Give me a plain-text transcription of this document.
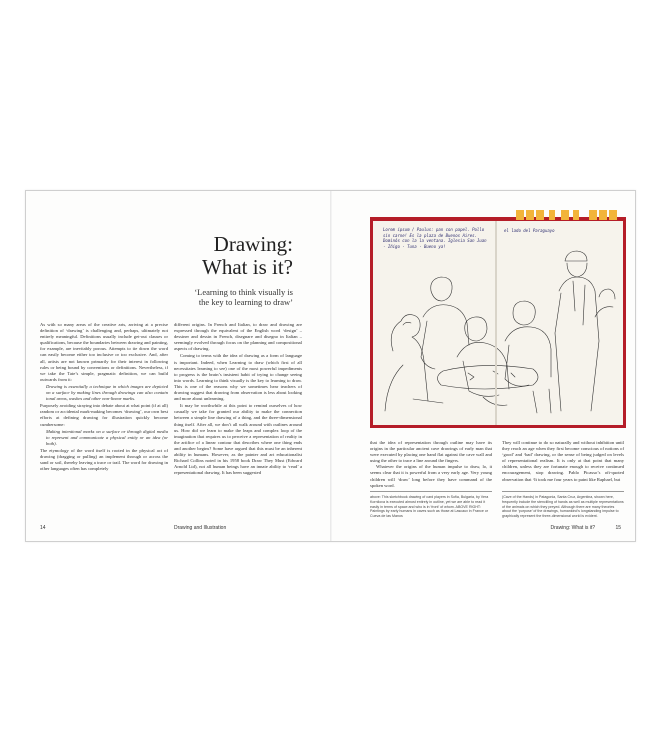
Drawing:
What is it?
‘Learning to think visually is
the key to learning to draw’

As with so many areas of the creative arts, arriving at a precise definition of ‘drawing’ is challenging and, perhaps, ultimately not entirely meaningful. Definitions usually include get-out clauses or qualifications, because the boundaries between drawing and painting, for example, are inevitably porous. Attempts to tie down the word can easily become either too inclusive or too exclusive. And, after all, artists are not known primarily for their interest in following rules or being bound by conventions or definitions. Nevertheless, if we take the Tate’s simple, pragmatic definition, we can build outwards from it:

Drawing is essentially a technique in which images are depicted on a surface by making lines through drawings can also contain tonal areas, washes and other non-linear marks.

Purposely avoiding straying into debate about at what point (if at all) random or accidental mark-making becomes ‘drawing’, our own best efforts at defining drawing for illustration quickly become cumbersome:

Making intentional marks on a surface or through digital media to represent and communicate a physical entity or an idea (or both).

The etymology of the word itself is rooted in the physical act of drawing (dragging or pulling) an implement through or across the sand or soil, thereby leaving a trace or trail. The word for drawing in other languages often has completely

different origins. In French and Italian, to draw and drawing are expressed through the equivalent of the English word ‘design’ – dessiner and dessin in French, disegnare and disegno in Italian – seemingly evolved through focus on the planning and compositional aspects of drawing.

Coming to terms with the idea of drawing as a form of language is important. Indeed, when Learning to draw (which first of all necessitates learning to see) one of the most powerful impediments to progress is the brain’s insistent habit of trying to change seeing into words. Learning to think visually is the key to learning to draw. This is one of the reasons why we sometimes hear teachers of drawing suggest that drawing from observation is less about looking and more about unlearning.

It may be worthwhile at this point to remind ourselves of how casually we take for granted our ability to make the connection between a simple line drawing of a thing, and the three-dimensional thing itself. After all, we don’t all walk around with outlines around us. How did we learn to make the leaps and complex loop of the imagination that requires us to perceive a representation of reality in the artifice of a linear contour that describes where one thing ends and another begins? Some have argued that this must be an inherent ability in humans. However, as the painter and art educationalist Richard Collins noted in his 1958 book Draw They Must (Edward Arnold Ltd), not all human beings have an innate ability to ‘read’ a representational drawing. It has been suggested

14	Drawing and Illustration
Lorem ipsum / Paulus: pan con papel. Pollo sin carne! Es la plaza de Buenos Aires. Dominós con la la ventana. Iglesia San Juan · Iñigo · Tuna · Bueno ya!
el lado del Paraguayo

that the idea of representation through outline may have its origins in the particular ancient cave drawings of early man that were executed by placing one hand flat against the cave wall and using the other to trace a line around the fingers.

Whatever the origins of the human impulse to draw, lo, it seems clear that it is powerful from a very early age. Very young children will ‘draw’ long before they have command of the spoken word.

They will continue to do so naturally and without inhibition until they reach an age when they first become conscious of notions of ‘good’ and ‘bad’ drawing, or the sense of being judged on levels of representational realism. It is only at that point that many children, unless they are fortunate enough to receive continued encouragement, stop drawing. Pablo Picasso’s oft-quoted observation that ‘It took me four years to paint like Raphael, but

above: This sketchbook drawing of card players in Sofia, Bulgaria, by Vera Kornilova is executed almost entirely in outline, yet we are able to read it easily in terms of space and who is in ‘front’ of whom. ABOVE RIGHT: Paintings by early humans in caves such as those at Lascaux in France or Cueva de las Manos

(Cave of the Hands) in Patagonia, Santa Cruz, Argentina, shown here, frequently include the stencilling of hands as well as multiple representations of the animals on which they preyed. Although there are many theories about the ‘purpose’ of the drawings, humankind’s longstanding impulse to graphically represent the three-dimensional world is evident.

Drawing: What is it?	15
